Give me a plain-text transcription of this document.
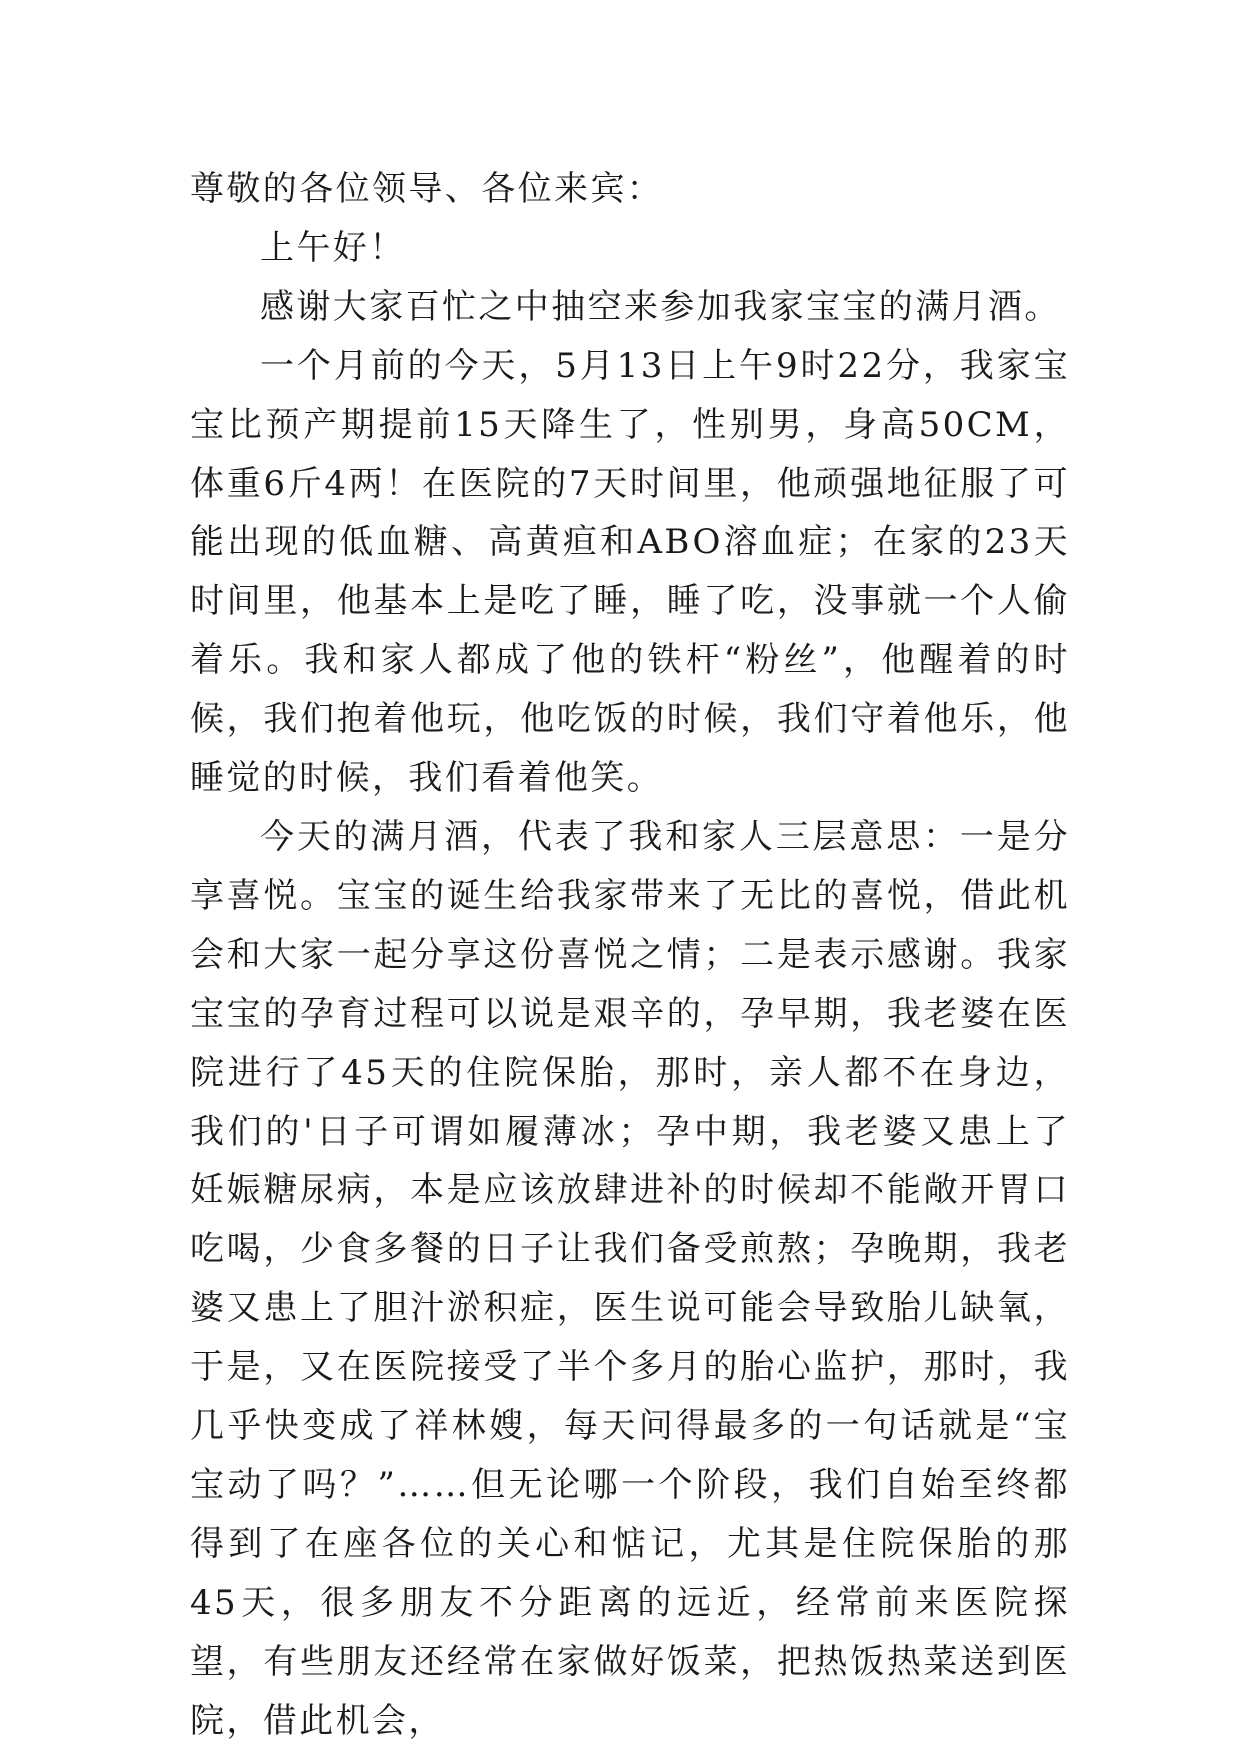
尊敬的各位领导、各位来宾：

上午好！

感谢大家百忙之中抽空来参加我家宝宝的满月酒。

一个月前的今天，5月13日上午9时22分，我家宝宝比预产期提前15天降生了，性别男，身高50CM，体重6斤4两！在医院的7天时间里，他顽强地征服了可能出现的低血糖、高黄疸和ABO溶血症；在家的23天时间里，他基本上是吃了睡，睡了吃，没事就一个人偷着乐。我和家人都成了他的铁杆“粉丝”，他醒着的时候，我们抱着他玩，他吃饭的时候，我们守着他乐，他睡觉的时候，我们看着他笑。

今天的满月酒，代表了我和家人三层意思：一是分享喜悦。宝宝的诞生给我家带来了无比的喜悦，借此机会和大家一起分享这份喜悦之情；二是表示感谢。我家宝宝的孕育过程可以说是艰辛的，孕早期，我老婆在医院进行了45天的住院保胎，那时，亲人都不在身边，我们的'日子可谓如履薄冰；孕中期，我老婆又患上了妊娠糖尿病，本是应该放肆进补的时候却不能敞开胃口吃喝，少食多餐的日子让我们备受煎熬；孕晚期，我老婆又患上了胆汁淤积症，医生说可能会导致胎儿缺氧，于是，又在医院接受了半个多月的胎心监护，那时，我几乎快变成了祥林嫂，每天问得最多的一句话就是“宝宝动了吗？”……但无论哪一个阶段，我们自始至终都得到了在座各位的关心和惦记，尤其是住院保胎的那45天，很多朋友不分距离的远近，经常前来医院探望，有些朋友还经常在家做好饭菜，把热饭热菜送到医院，借此机会，
